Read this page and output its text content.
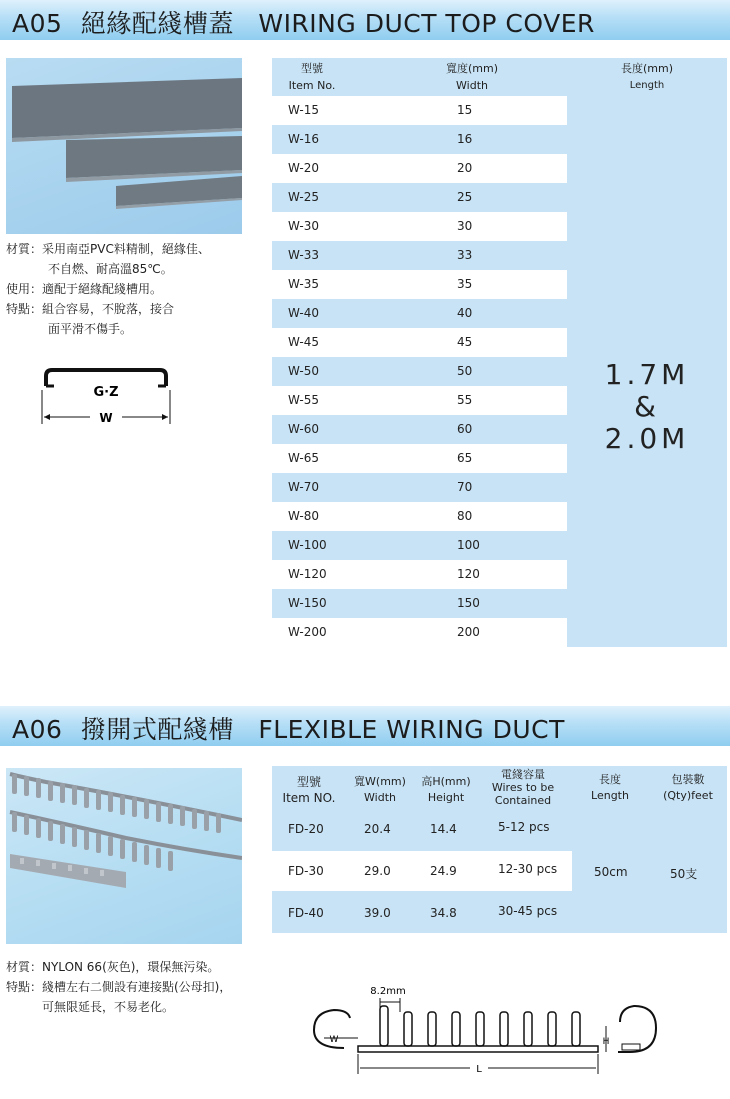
A05 絕緣配綫槽蓋 WIRING DUCT TOP COVER
材質：采用南亞PVC料精制，絕緣佳、
不自燃、耐高溫85℃。
使用：適配于絕緣配綫槽用。
特點：組合容易，不脫落，接合
面平滑不傷手。
G·Z
W
型號
Item No.
寬度(mm)
Width
長度(mm)
Length
W-15	15
W-16	16
W-20	20
W-25	25
W-30	30
W-33	33
W-35	35
W-40	40
W-45	45
W-50	50
W-55	55
W-60	60
W-65	65
W-70	70
W-80	80
W-100	100
W-120	120
W-150	150
W-200	200
1.7M
&
2.0M
A06 撥開式配綫槽 FLEXIBLE WIRING DUCT
材質：NYLON 66(灰色)，環保無污染。
特點：綫槽左右二側設有連接點(公母扣)，
可無限延長，不易老化。
8.2mm
W	H
L
型號
Item NO.
寬W(mm)
Width
高H(mm)
Height
電綫容量
Wires to be
Contained
長度
Length
包裝數
(Qty)feet
FD-20	20.4	14.4	5-12 pcs
FD-30	29.0	24.9	12-30 pcs
FD-40	39.0	34.8	30-45 pcs
50cm	50支
